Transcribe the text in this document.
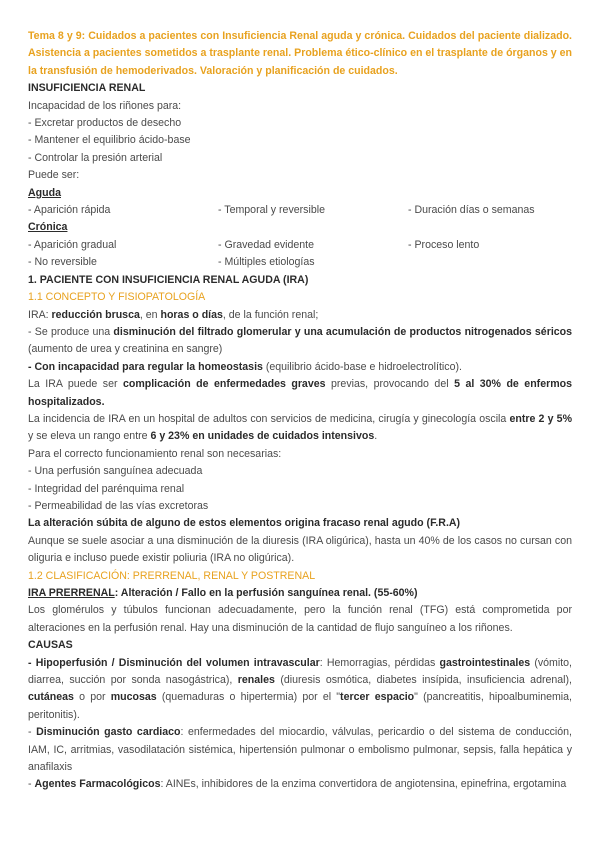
Tema 8 y 9: Cuidados a pacientes con Insuficiencia Renal aguda y crónica. Cuidados del paciente dializado. Asistencia a pacientes sometidos a trasplante renal. Problema ético-clínico en el trasplante de órganos y en la transfusión de hemoderivados. Valoración y planificación de cuidados.

INSUFICIENCIA RENAL

Incapacidad de los riñones para:

- Excretar productos de desecho

- Mantener el equilibrio ácido-base

- Controlar la presión arterial

Puede ser:

Aguda

- Aparición rápida	- Temporal y reversible	- Duración días o semanas

Crónica

- Aparición gradual	- Gravedad evidente	- Proceso lento
- No reversible	- Múltiples etiologías

1. PACIENTE CON INSUFICIENCIA RENAL AGUDA (IRA)

1.1 CONCEPTO Y FISIOPATOLOGÍA

IRA: reducción brusca, en horas o días, de la función renal;

- Se produce una disminución del filtrado glomerular y una acumulación de productos nitrogenados séricos (aumento de urea y creatinina en sangre)

- Con incapacidad para regular la homeostasis (equilibrio ácido-base e hidroelectrolítico).

La IRA puede ser complicación de enfermedades graves previas, provocando del 5 al 30% de enfermos hospitalizados.

La incidencia de IRA en un hospital de adultos con servicios de medicina, cirugía y ginecología oscila entre 2 y 5% y se eleva un rango entre 6 y 23% en unidades de cuidados intensivos.

Para el correcto funcionamiento renal son necesarias:

- Una perfusión sanguínea adecuada

- Integridad del parénquima renal

- Permeabilidad de las vías excretoras

La alteración súbita de alguno de estos elementos origina fracaso renal agudo (F.R.A)

Aunque se suele asociar a una disminución de la diuresis (IRA oligúrica), hasta un 40% de los casos no cursan con oliguria e incluso puede existir poliuria (IRA no oligúrica).

1.2 CLASIFICACIÓN: PRERRENAL, RENAL Y POSTRENAL

IRA PRERRENAL: Alteración / Fallo en la perfusión sanguínea renal. (55-60%)

Los glomérulos y túbulos funcionan adecuadamente, pero la función renal (TFG) está comprometida por alteraciones en la perfusión renal. Hay una disminución de la cantidad de flujo sanguíneo a los riñones.

CAUSAS

- Hipoperfusión / Disminución del volumen intravascular: Hemorragias, pérdidas gastrointestinales (vómito, diarrea, succión por sonda nasogástrica), renales (diuresis osmótica, diabetes insípida, insuficiencia adrenal), cutáneas o por mucosas (quemaduras o hipertermia) por el "tercer espacio" (pancreatitis, hipoalbuminemia, peritonitis).

- Disminución gasto cardiaco: enfermedades del miocardio, válvulas, pericardio o del sistema de conducción, IAM, IC, arritmias, vasodilatación sistémica, hipertensión pulmonar o embolismo pulmonar, sepsis, falla hepática y anafilaxis

- Agentes Farmacológicos: AINEs, inhibidores de la enzima convertidora de angiotensina, epinefrina, ergotamina
